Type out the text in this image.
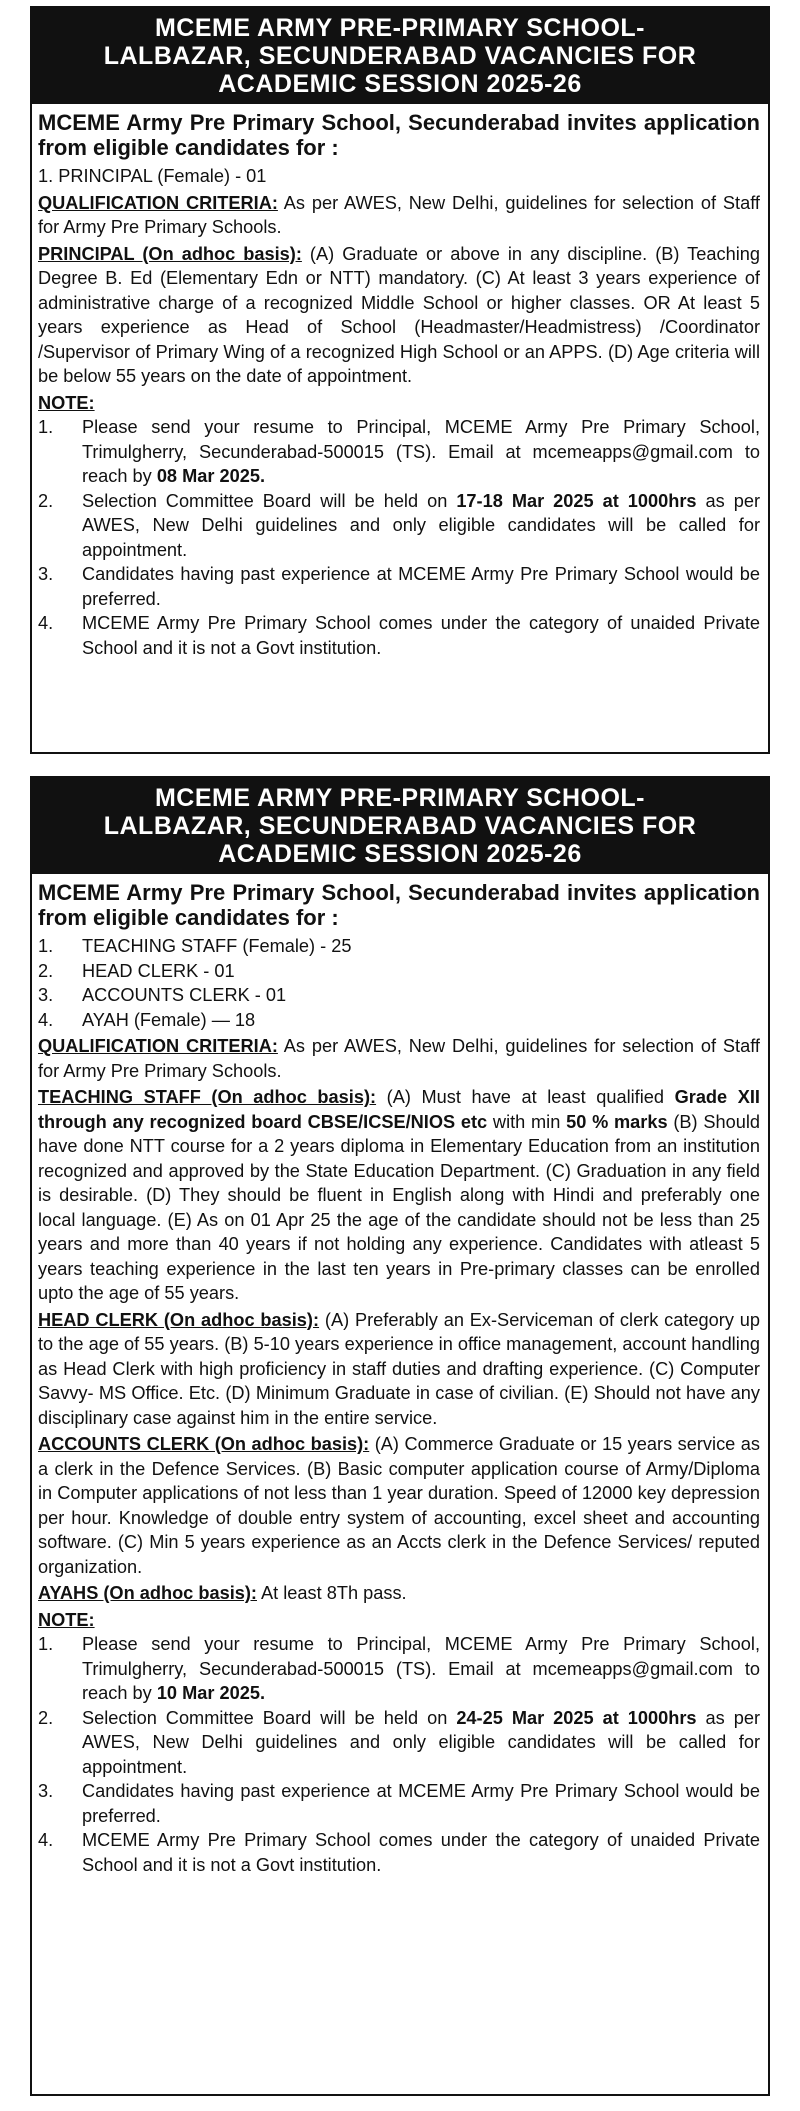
MCEME ARMY PRE-PRIMARY SCHOOL-
LALBAZAR, SECUNDERABAD VACANCIES FOR
ACADEMIC SESSION 2025-26

MCEME Army Pre Primary School, Secunderabad invites application from eligible candidates for :

1. PRINCIPAL (Female) - 01

QUALIFICATION CRITERIA: As per AWES, New Delhi, guidelines for selection of Staff for Army Pre Primary Schools.

PRINCIPAL (On adhoc basis): (A) Graduate or above in any discipline. (B) Teaching Degree B. Ed (Elementary Edn or NTT) mandatory. (C) At least 3 years experience of administrative charge of a recognized Middle School or higher classes. OR At least 5 years experience as Head of School (Headmaster/Headmistress) /Coordinator /Supervisor of Primary Wing of a recognized High School or an APPS. (D) Age criteria will be below 55 years on the date of appointment.

NOTE:
1.	Please send your resume to Principal, MCEME Army Pre Primary School, Trimulgherry, Secunderabad-500015 (TS). Email at mcemeapps@gmail.com to reach by 08 Mar 2025.
2.	Selection Committee Board will be held on 17-18 Mar 2025 at 1000hrs as per AWES, New Delhi guidelines and only eligible candidates will be called for appointment.
3.	Candidates having past experience at MCEME Army Pre Primary School would be preferred.
4.	MCEME Army Pre Primary School comes under the category of unaided Private School and it is not a Govt institution.
MCEME ARMY PRE-PRIMARY SCHOOL-
LALBAZAR, SECUNDERABAD VACANCIES FOR
ACADEMIC SESSION 2025-26

MCEME Army Pre Primary School, Secunderabad invites application from eligible candidates for :

1.	TEACHING STAFF (Female) - 25
2.	HEAD CLERK - 01
3.	ACCOUNTS CLERK - 01
4.	AYAH (Female) — 18

QUALIFICATION CRITERIA: As per AWES, New Delhi, guidelines for selection of Staff for Army Pre Primary Schools.

TEACHING STAFF (On adhoc basis): (A) Must have at least qualified Grade XII through any recognized board CBSE/ICSE/NIOS etc with min 50 % marks (B) Should have done NTT course for a 2 years diploma in Elementary Education from an institution recognized and approved by the State Education Department. (C) Graduation in any field is desirable. (D) They should be fluent in English along with Hindi and preferably one local language. (E) As on 01 Apr 25 the age of the candidate should not be less than 25 years and more than 40 years if not holding any experience. Candidates with atleast 5 years teaching experience in the last ten years in Pre-primary classes can be enrolled upto the age of 55 years.

HEAD CLERK (On adhoc basis): (A) Preferably an Ex-Serviceman of clerk category up to the age of 55 years. (B) 5-10 years experience in office management, account handling as Head Clerk with high proficiency in staff duties and drafting experience. (C) Computer Savvy- MS Office. Etc. (D) Minimum Graduate in case of civilian. (E) Should not have any disciplinary case against him in the entire service.

ACCOUNTS CLERK (On adhoc basis): (A) Commerce Graduate or 15 years service as a clerk in the Defence Services. (B) Basic computer application course of Army/Diploma in Computer applications of not less than 1 year duration. Speed of 12000 key depression per hour. Knowledge of double entry system of accounting, excel sheet and accounting software. (C) Min 5 years experience as an Accts clerk in the Defence Services/ reputed organization.

AYAHS (On adhoc basis): At least 8Th pass.

NOTE:
1.	Please send your resume to Principal, MCEME Army Pre Primary School, Trimulgherry, Secunderabad-500015 (TS). Email at mcemeapps@gmail.com to reach by 10 Mar 2025.
2.	Selection Committee Board will be held on 24-25 Mar 2025 at 1000hrs as per AWES, New Delhi guidelines and only eligible candidates will be called for appointment.
3.	Candidates having past experience at MCEME Army Pre Primary School would be preferred.
4.	MCEME Army Pre Primary School comes under the category of unaided Private School and it is not a Govt institution.
